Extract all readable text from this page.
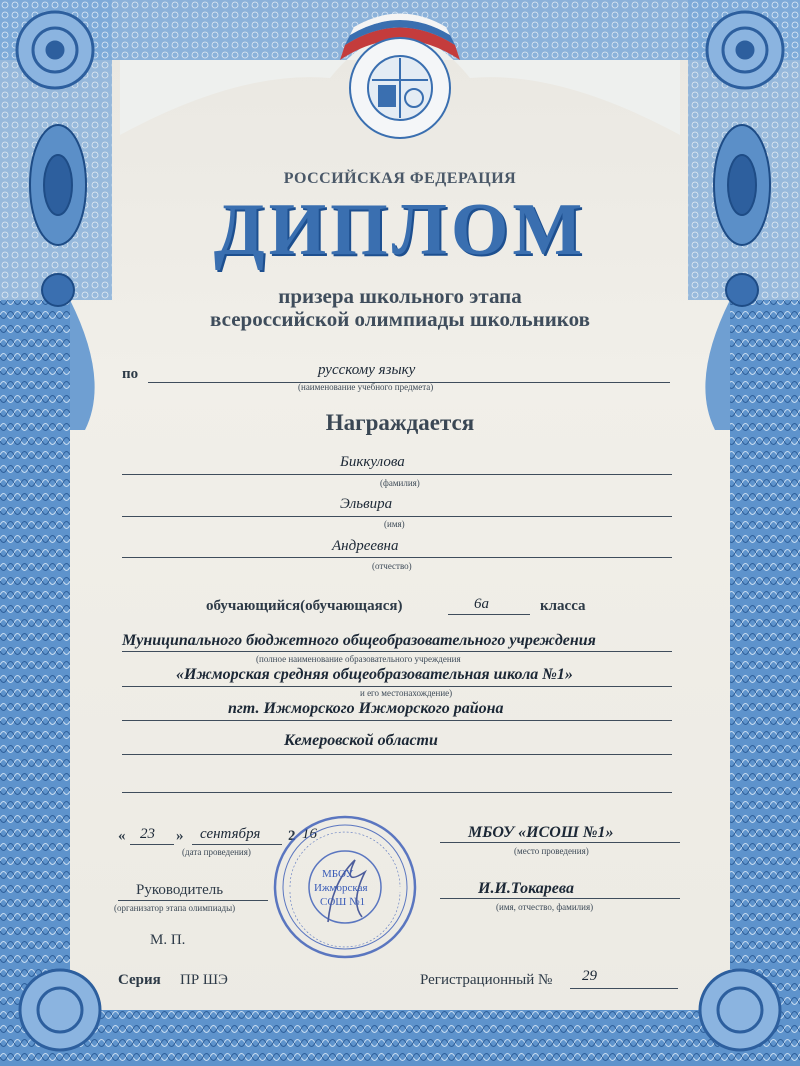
РОССИЙСКАЯ ФЕДЕРАЦИЯ
ДИПЛОМ
призера школьного этапа
всероссийской олимпиады школьников
по	русскому языку
(наименование учебного предмета)
Награждается
Биккулова
(фамилия)
Эльвира
(имя)
Андреевна
(отчество)
обучающийся(обучающаяся)	6а	класса
Муниципального бюджетного общеобразовательного учреждения
(полное наименование образовательного учреждения
«Ижморская средняя общеобразовательная школа №1»
и его местонахождение)
пгт. Ижморского Ижморского района
Кемеровской области
« 23 » сентября 2 16
(дата проведения)
МБОУ «ИСОШ №1»
(место проведения)
Руководитель
(организатор этапа олимпиады)
И.И.Токарева
(имя, отчество, фамилия)
М. П.
МБОУ
Ижморская
СОШ №1
Серия ПР ШЭ	Регистрационный № 29
